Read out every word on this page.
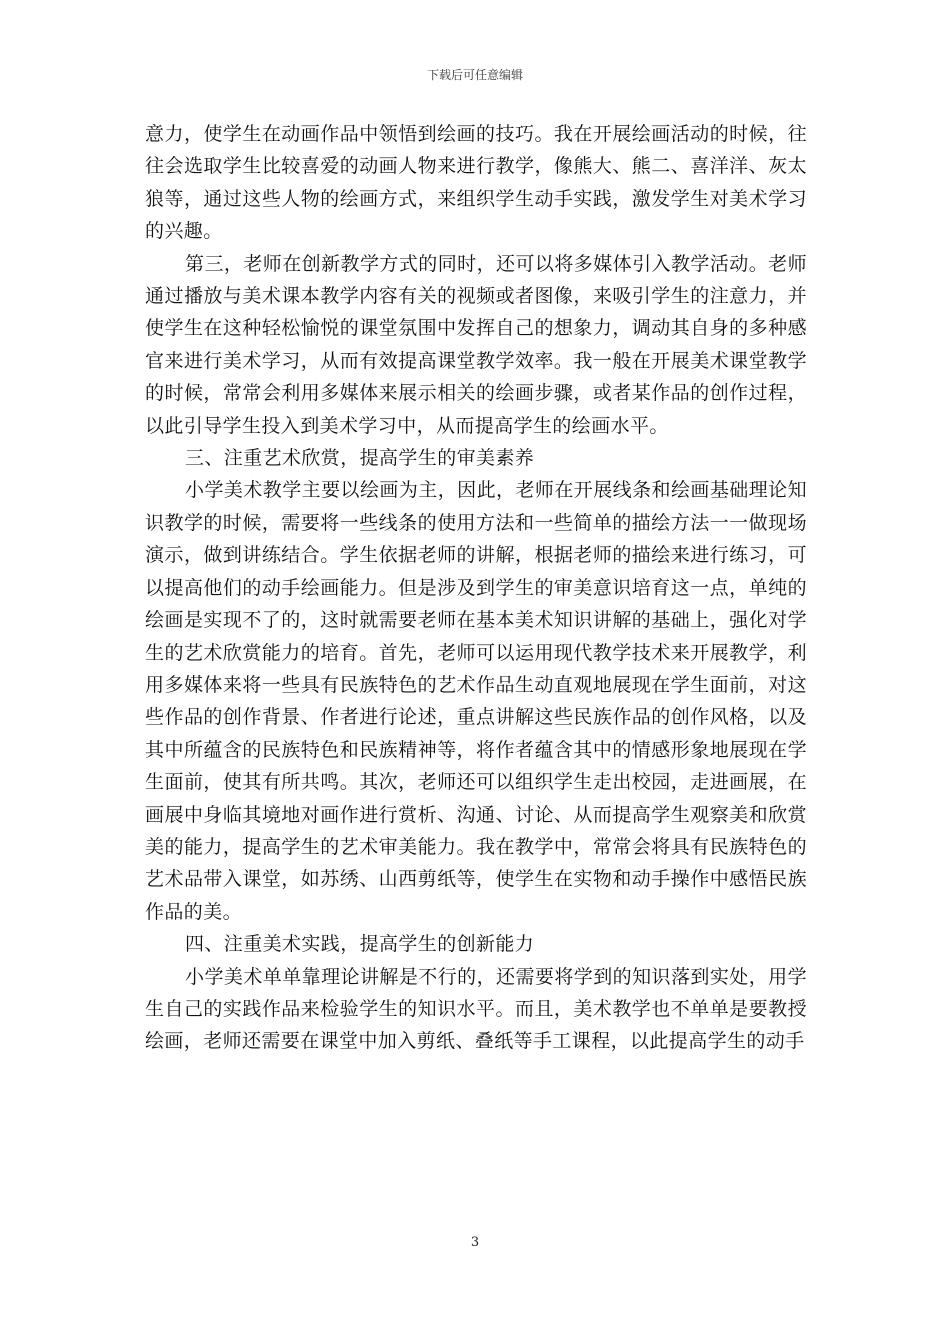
下载后可任意编辑

意力，使学生在动画作品中领悟到绘画的技巧。我在开展绘画活动的时候，往往会选取学生比较喜爱的动画人物来进行教学，像熊大、熊二、喜洋洋、灰太狼等，通过这些人物的绘画方式，来组织学生动手实践，激发学生对美术学习的兴趣。

第三，老师在创新教学方式的同时，还可以将多媒体引入教学活动。老师通过播放与美术课本教学内容有关的视频或者图像，来吸引学生的注意力，并使学生在这种轻松愉悦的课堂氛围中发挥自己的想象力，调动其自身的多种感官来进行美术学习，从而有效提高课堂教学效率。我一般在开展美术课堂教学的时候，常常会利用多媒体来展示相关的绘画步骤，或者某作品的创作过程，以此引导学生投入到美术学习中，从而提高学生的绘画水平。

三、注重艺术欣赏，提高学生的审美素养

小学美术教学主要以绘画为主，因此，老师在开展线条和绘画基础理论知识教学的时候，需要将一些线条的使用方法和一些简单的描绘方法一一做现场演示，做到讲练结合。学生依据老师的讲解，根据老师的描绘来进行练习，可以提高他们的动手绘画能力。但是涉及到学生的审美意识培育这一点，单纯的绘画是实现不了的，这时就需要老师在基本美术知识讲解的基础上，强化对学生的艺术欣赏能力的培育。首先，老师可以运用现代教学技术来开展教学，利用多媒体来将一些具有民族特色的艺术作品生动直观地展现在学生面前，对这些作品的创作背景、作者进行论述，重点讲解这些民族作品的创作风格，以及其中所蕴含的民族特色和民族精神等，将作者蕴含其中的情感形象地展现在学生面前，使其有所共鸣。其次，老师还可以组织学生走出校园，走进画展，在画展中身临其境地对画作进行赏析、沟通、讨论、从而提高学生观察美和欣赏美的能力，提高学生的艺术审美能力。我在教学中，常常会将具有民族特色的艺术品带入课堂，如苏绣、山西剪纸等，使学生在实物和动手操作中感悟民族作品的美。

四、注重美术实践，提高学生的创新能力

小学美术单单靠理论讲解是不行的，还需要将学到的知识落到实处，用学生自己的实践作品来检验学生的知识水平。而且，美术教学也不单单是要教授绘画，老师还需要在课堂中加入剪纸、叠纸等手工课程，以此提高学生的动手

3
